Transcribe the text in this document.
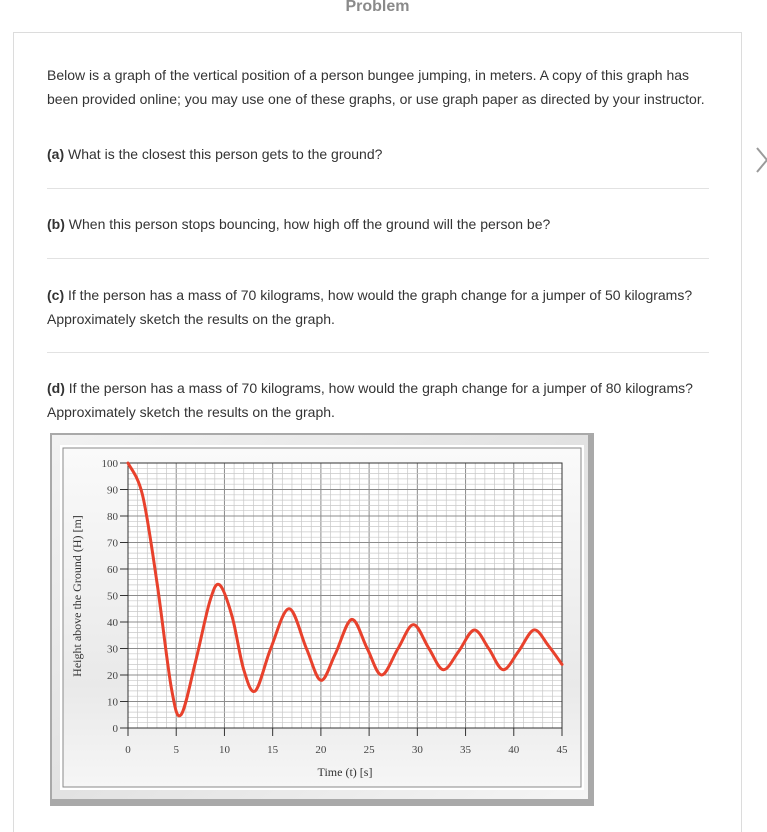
Problem
Below is a graph of the vertical position of a person bungee jumping, in meters. A copy of this graph has been provided online; you may use one of these graphs, or use graph paper as directed by your instructor.
(a) What is the closest this person gets to the ground?
(b) When this person stops bouncing, how high off the ground will the person be?
(c) If the person has a mass of 70 kilograms, how would the graph change for a jumper of 50 kilograms? Approximately sketch the results on the graph.
(d) If the person has a mass of 70 kilograms, how would the graph change for a jumper of 80 kilograms? Approximately sketch the results on the graph.
0
10
20
30
40
50
60
70
80
90
100
0	5	10	15	20	25	30	35	40	45
Time (t) [s]
Height above the Ground (H) [m]
